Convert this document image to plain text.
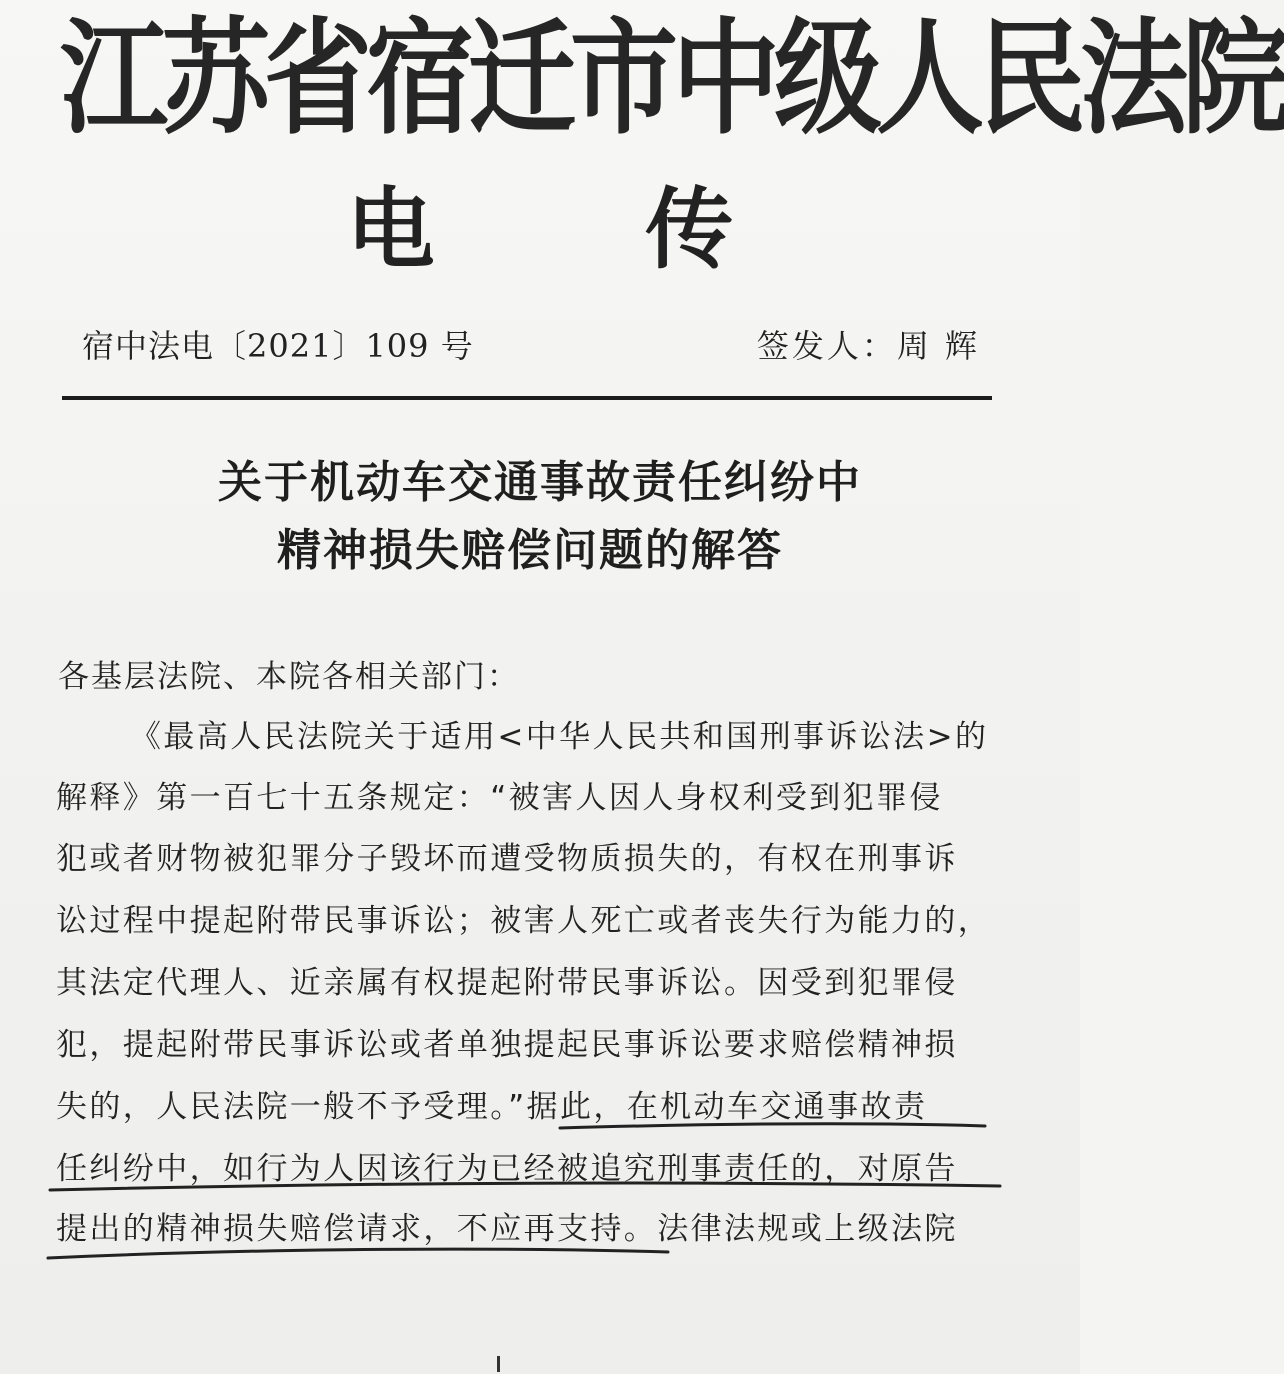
江苏省宿迁市中级人民法院
电 传
宿中法电〔2021〕109 号	签发人：周 辉
关于机动车交通事故责任纠纷中
精神损失赔偿问题的解答
各基层法院、本院各相关部门：
《最高人民法院关于适用<中华人民共和国刑事诉讼法>的
解释》第一百七十五条规定：“被害人因人身权利受到犯罪侵
犯或者财物被犯罪分子毁坏而遭受物质损失的，有权在刑事诉
讼过程中提起附带民事诉讼；被害人死亡或者丧失行为能力的，
其法定代理人、近亲属有权提起附带民事诉讼。因受到犯罪侵
犯，提起附带民事诉讼或者单独提起民事诉讼要求赔偿精神损
失的，人民法院一般不予受理。”据此，在机动车交通事故责
任纠纷中，如行为人因该行为已经被追究刑事责任的，对原告
提出的精神损失赔偿请求，不应再支持。法律法规或上级法院
